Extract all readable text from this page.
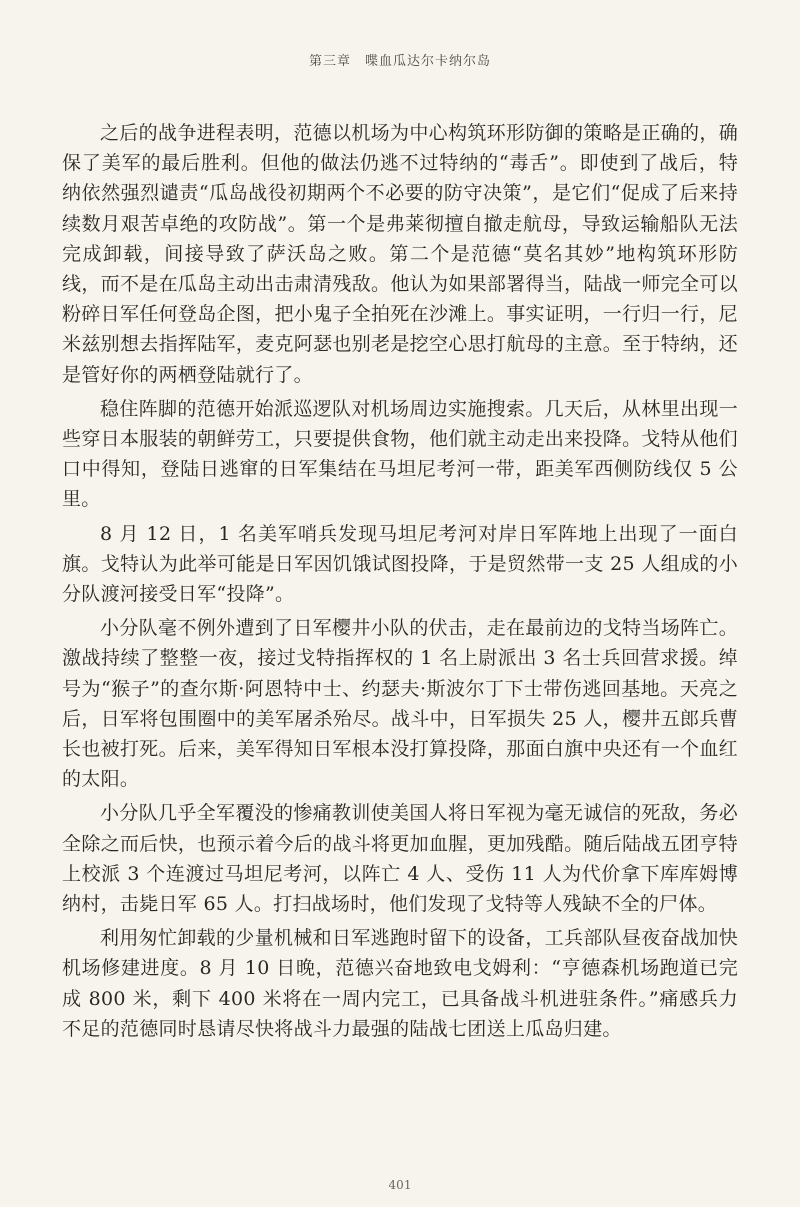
第三章 喋血瓜达尔卡纳尔岛

之后的战争进程表明，范德以机场为中心构筑环形防御的策略是正确的，确保了美军的最后胜利。但他的做法仍逃不过特纳的“毒舌”。即使到了战后，特纳依然强烈谴责“瓜岛战役初期两个不必要的防守决策”，是它们“促成了后来持续数月艰苦卓绝的攻防战”。第一个是弗莱彻擅自撤走航母，导致运输船队无法完成卸载，间接导致了萨沃岛之败。第二个是范德“莫名其妙”地构筑环形防线，而不是在瓜岛主动出击肃清残敌。他认为如果部署得当，陆战一师完全可以粉碎日军任何登岛企图，把小鬼子全拍死在沙滩上。事实证明，一行归一行，尼米兹别想去指挥陆军，麦克阿瑟也别老是挖空心思打航母的主意。至于特纳，还是管好你的两栖登陆就行了。

稳住阵脚的范德开始派巡逻队对机场周边实施搜索。几天后，从林里出现一些穿日本服装的朝鲜劳工，只要提供食物，他们就主动走出来投降。戈特从他们口中得知，登陆日逃窜的日军集结在马坦尼考河一带，距美军西侧防线仅 5 公里。

8 月 12 日，1 名美军哨兵发现马坦尼考河对岸日军阵地上出现了一面白旗。戈特认为此举可能是日军因饥饿试图投降，于是贸然带一支 25 人组成的小分队渡河接受日军“投降”。

小分队毫不例外遭到了日军樱井小队的伏击，走在最前边的戈特当场阵亡。激战持续了整整一夜，接过戈特指挥权的 1 名上尉派出 3 名士兵回营求援。绰号为“猴子”的查尔斯·阿恩特中士、约瑟夫·斯波尔丁下士带伤逃回基地。天亮之后，日军将包围圈中的美军屠杀殆尽。战斗中，日军损失 25 人，樱井五郎兵曹长也被打死。后来，美军得知日军根本没打算投降，那面白旗中央还有一个血红的太阳。

小分队几乎全军覆没的惨痛教训使美国人将日军视为毫无诚信的死敌，务必全除之而后快，也预示着今后的战斗将更加血腥，更加残酷。随后陆战五团亨特上校派 3 个连渡过马坦尼考河，以阵亡 4 人、受伤 11 人为代价拿下库库姆博纳村，击毙日军 65 人。打扫战场时，他们发现了戈特等人残缺不全的尸体。

利用匆忙卸载的少量机械和日军逃跑时留下的设备，工兵部队昼夜奋战加快机场修建进度。8 月 10 日晚，范德兴奋地致电戈姆利：“亨德森机场跑道已完成 800 米，剩下 400 米将在一周内完工，已具备战斗机进驻条件。”痛感兵力不足的范德同时恳请尽快将战斗力最强的陆战七团送上瓜岛归建。

401
